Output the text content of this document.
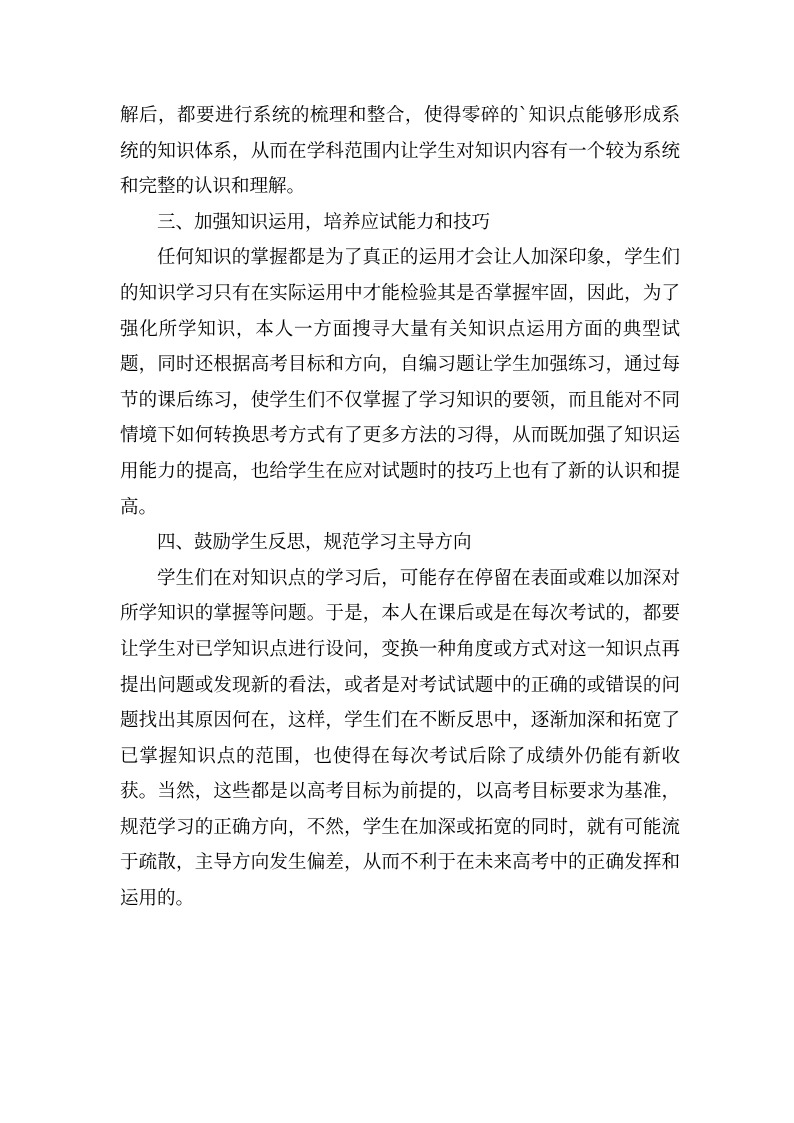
解后，都要进行系统的梳理和整合，使得零碎的`知识点能够形成系统的知识体系，从而在学科范围内让学生对知识内容有一个较为系统和完整的认识和理解。

三、加强知识运用，培养应试能力和技巧

任何知识的掌握都是为了真正的运用才会让人加深印象，学生们的知识学习只有在实际运用中才能检验其是否掌握牢固，因此，为了强化所学知识，本人一方面搜寻大量有关知识点运用方面的典型试题，同时还根据高考目标和方向，自编习题让学生加强练习，通过每节的课后练习，使学生们不仅掌握了学习知识的要领，而且能对不同情境下如何转换思考方式有了更多方法的习得，从而既加强了知识运用能力的提高，也给学生在应对试题时的技巧上也有了新的认识和提高。

四、鼓励学生反思，规范学习主导方向

学生们在对知识点的学习后，可能存在停留在表面或难以加深对所学知识的掌握等问题。于是，本人在课后或是在每次考试的，都要让学生对已学知识点进行设问，变换一种角度或方式对这一知识点再提出问题或发现新的看法，或者是对考试试题中的正确的或错误的问题找出其原因何在，这样，学生们在不断反思中，逐渐加深和拓宽了已掌握知识点的范围，也使得在每次考试后除了成绩外仍能有新收获。当然，这些都是以高考目标为前提的，以高考目标要求为基准，规范学习的正确方向，不然，学生在加深或拓宽的同时，就有可能流于疏散，主导方向发生偏差，从而不利于在未来高考中的正确发挥和运用的。
